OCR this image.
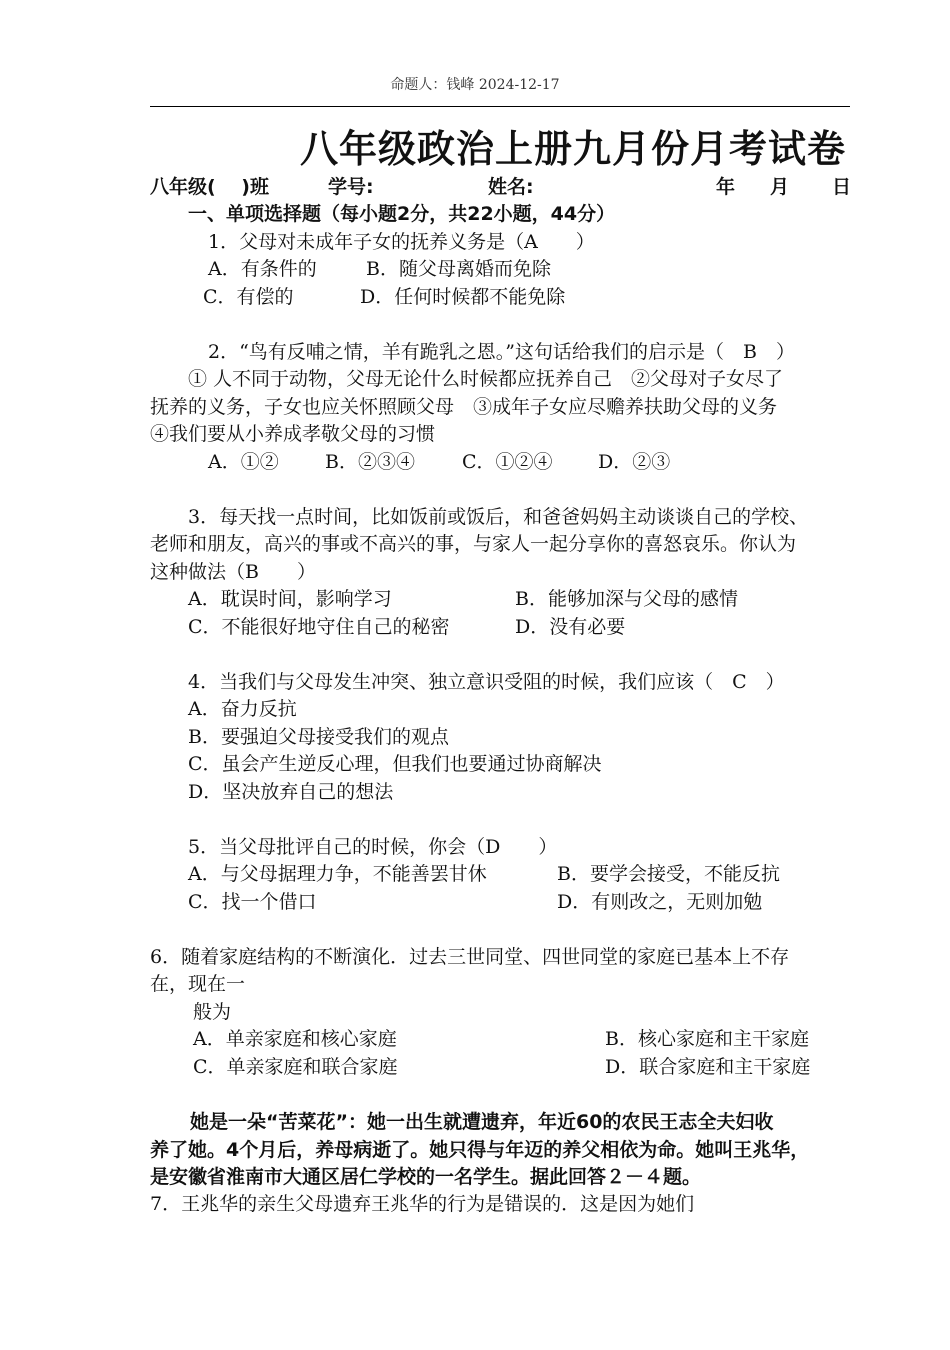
命题人：钱峰 2024-12-17
八年级政治上册九月份月考试卷
八年级(　 )班	学号:	姓名:	年 月 日
一、单项选择题（每小题2分，共22小题，44分）
1．父母对未成年子女的抚养义务是（A　　）
A．有条件的	B．随父母离婚而免除
C．有偿的	D．任何时候都不能免除
2．“鸟有反哺之情，羊有跪乳之恩。”这句话给我们的启示是（　B　）
① 人不同于动物，父母无论什么时候都应抚养自己　②父母对子女尽了
抚养的义务，子女也应关怀照顾父母　③成年子女应尽赡养扶助父母的义务
④我们要从小养成孝敬父母的习惯
A．①② B．②③④ C．①②④ D．②③
3．每天找一点时间，比如饭前或饭后，和爸爸妈妈主动谈谈自己的学校、
老师和朋友，高兴的事或不高兴的事，与家人一起分享你的喜怒哀乐。你认为
这种做法（B　　）
A．耽误时间，影响学习	B．能够加深与父母的感情
C．不能很好地守住自己的秘密	D．没有必要
4．当我们与父母发生冲突、独立意识受阻的时候，我们应该（　C　）
A．奋力反抗
B．要强迫父母接受我们的观点
C．虽会产生逆反心理，但我们也要通过协商解决
D．坚决放弃自己的想法
5．当父母批评自己的时候，你会（D　　）
A．与父母据理力争，不能善罢甘休	B．要学会接受，不能反抗
C．找一个借口	D．有则改之，无则加勉
6．随着家庭结构的不断演化．过去三世同堂、四世同堂的家庭已基本上不存
在，现在一
般为
A．单亲家庭和核心家庭	B．核心家庭和主干家庭
C．单亲家庭和联合家庭	D．联合家庭和主干家庭
她是一朵“苦菜花”：她一出生就遭遗弃，年近60的农民王志全夫妇收
养了她。4个月后，养母病逝了。她只得与年迈的养父相依为命。她叫王兆华，
是安徽省淮南市大通区居仁学校的一名学生。据此回答２－４题。
7．王兆华的亲生父母遗弃王兆华的行为是错误的．这是因为她们
